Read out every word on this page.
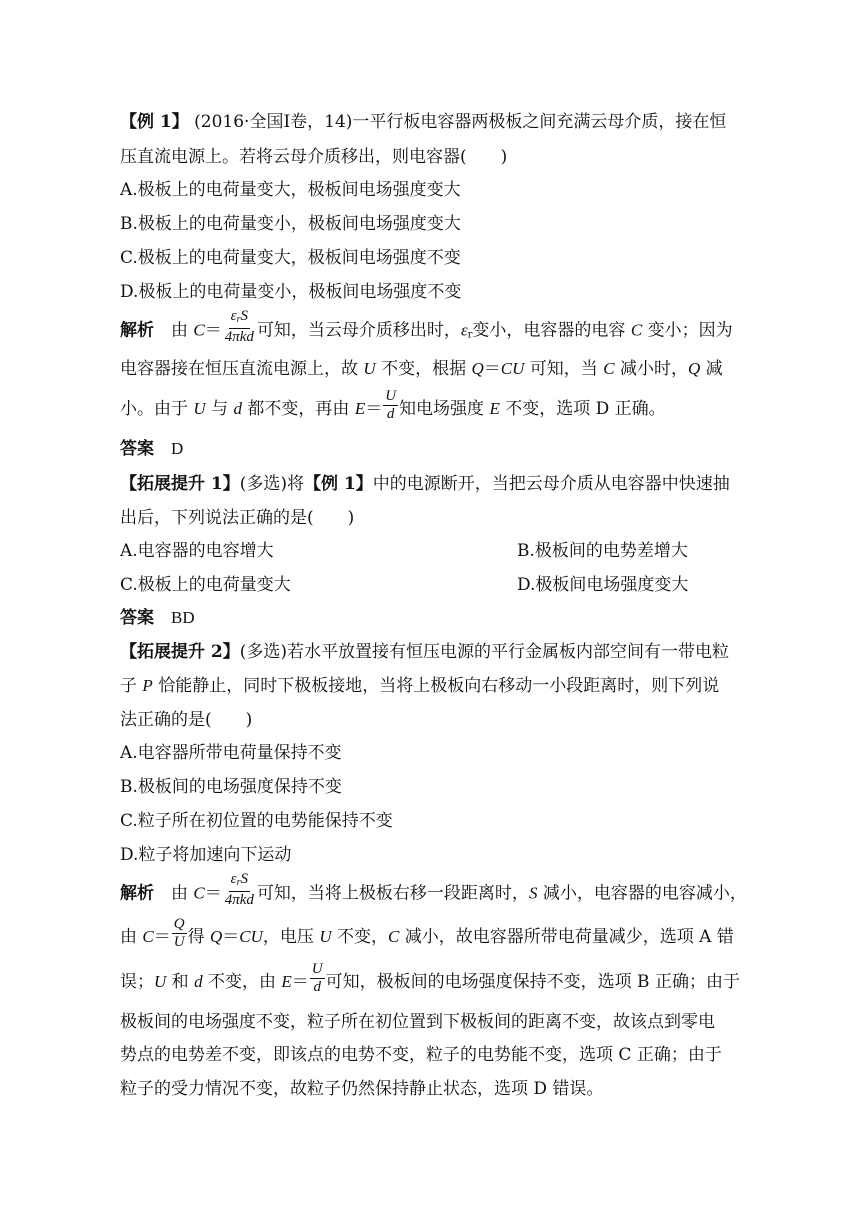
【例 1】 (2016·全国Ⅰ卷，14)一平行板电容器两极板之间充满云母介质，接在恒
压直流电源上。若将云母介质移出，则电容器(　　)
A.极板上的电荷量变大，极板间电场强度变大
B.极板上的电荷量变小，极板间电场强度变大
C.极板上的电荷量变大，极板间电场强度不变
D.极板上的电荷量变小，极板间电场强度不变
解析　 由 $C= \frac{\varepsilon_rS}{\text{4πkd}}$ 可知，当云母介质移出时，$\varepsilon_r$变小，电容器的电容 C 变小；因为
电容器接在恒压直流电源上，故 U 不变，根据 Q＝CU 可知，当 C 减小时，Q 减
小。由于 U 与 d 都不变，再由 $E= \frac{U}{d}$ 知电场强度 E 不变，选项 D 正确。
答案　 D
【拓展提升 1】(多选)将【例 1】中的电源断开，当把云母介质从电容器中快速抽
出后，下列说法正确的是(　　)
A.电容器的电容增大	B.极板间的电势差增大
C.极板上的电荷量变大	D.极板间电场强度变大
答案　 BD
【拓展提升 2】(多选)若水平放置接有恒压电源的平行金属板内部空间有一带电粒
子 P 恰能静止，同时下极板接地，当将上极板向右移动一小段距离时，则下列说
法正确的是(　　)
A.电容器所带电荷量保持不变
B.极板间的电场强度保持不变
C.粒子所在初位置的电势能保持不变
D.粒子将加速向下运动
解析　 由 $C= \frac{\varepsilon_rS}{\text{4πkd}}$ 可知，当将上极板右移一段距离时，S 减小，电容器的电容减小，
由 $C= \frac{Q}{U}$ 得 Q＝CU，电压 U 不变，C 减小，故电容器所带电荷量减少，选项 A 错
误；U 和 d 不变，由 $E= \frac{U}{d}$ 可知，极板间的电场强度保持不变，选项 B 正确；由于
极板间的电场强度不变，粒子所在初位置到下极板间的距离不变，故该点到零电
势点的电势差不变，即该点的电势不变，粒子的电势能不变，选项 C 正确；由于
粒子的受力情况不变，故粒子仍然保持静止状态，选项 D 错误。
